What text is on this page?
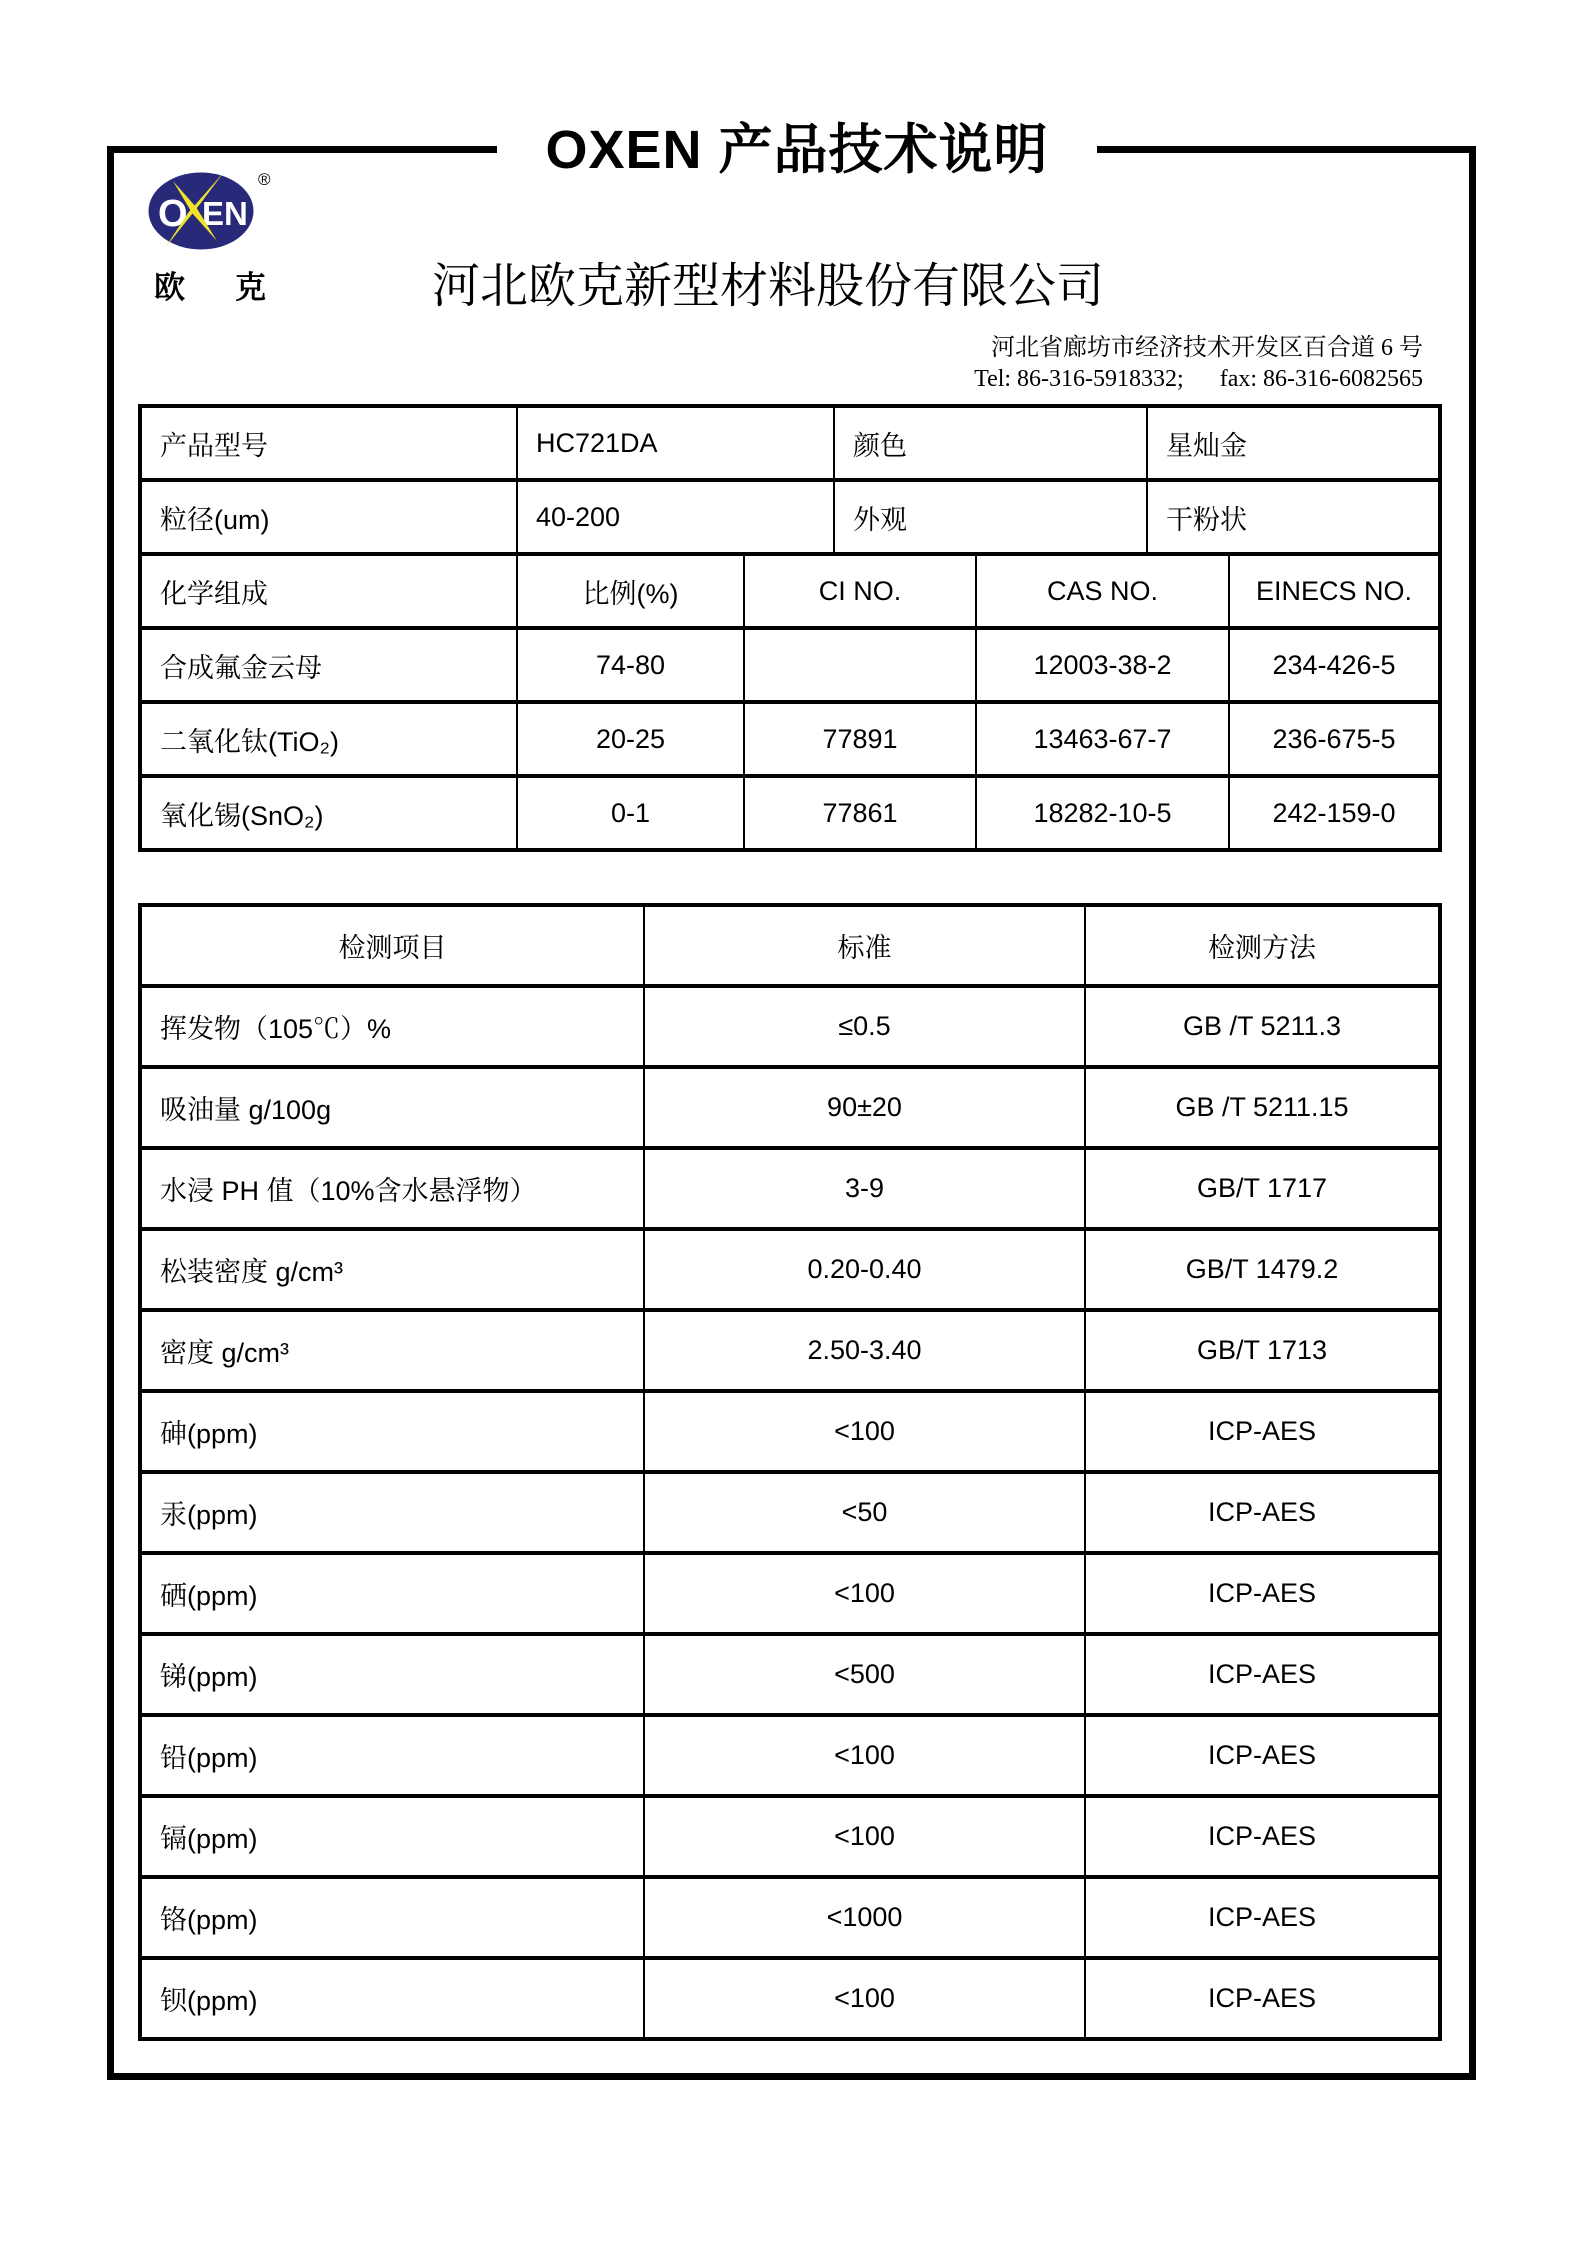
OXEN 产品技术说明
O EN
®
欧 克	河北欧克新型材料股份有限公司
河北省廊坊市经济技术开发区百合道 6 号
Tel: 86-316-5918332;      fax: 86-316-6082565
产品型号	HC721DA	颜色	星灿金
粒径(um)	40-200	外观	干粉状
化学组成	比例(%)	CI NO.	CAS NO.	EINECS NO.
合成氟金云母	74-80		12003-38-2	234-426-5
二氧化钛(TiO₂)	20-25	77891	13463-67-7	236-675-5
氧化锡(SnO₂)	0-1	77861	18282-10-5	242-159-0
检测项目	标准	检测方法
挥发物（105℃）%	≤0.5	GB /T 5211.3
吸油量 g/100g	90±20	GB /T 5211.15
水浸 PH 值（10%含水悬浮物）	3-9	GB/T 1717
松装密度 g/cm³	0.20-0.40	GB/T 1479.2
密度 g/cm³	2.50-3.40	GB/T 1713
砷(ppm)	<100	ICP-AES
汞(ppm)	<50	ICP-AES
硒(ppm)	<100	ICP-AES
锑(ppm)	<500	ICP-AES
铅(ppm)	<100	ICP-AES
镉(ppm)	<100	ICP-AES
铬(ppm)	<1000	ICP-AES
钡(ppm)	<100	ICP-AES
